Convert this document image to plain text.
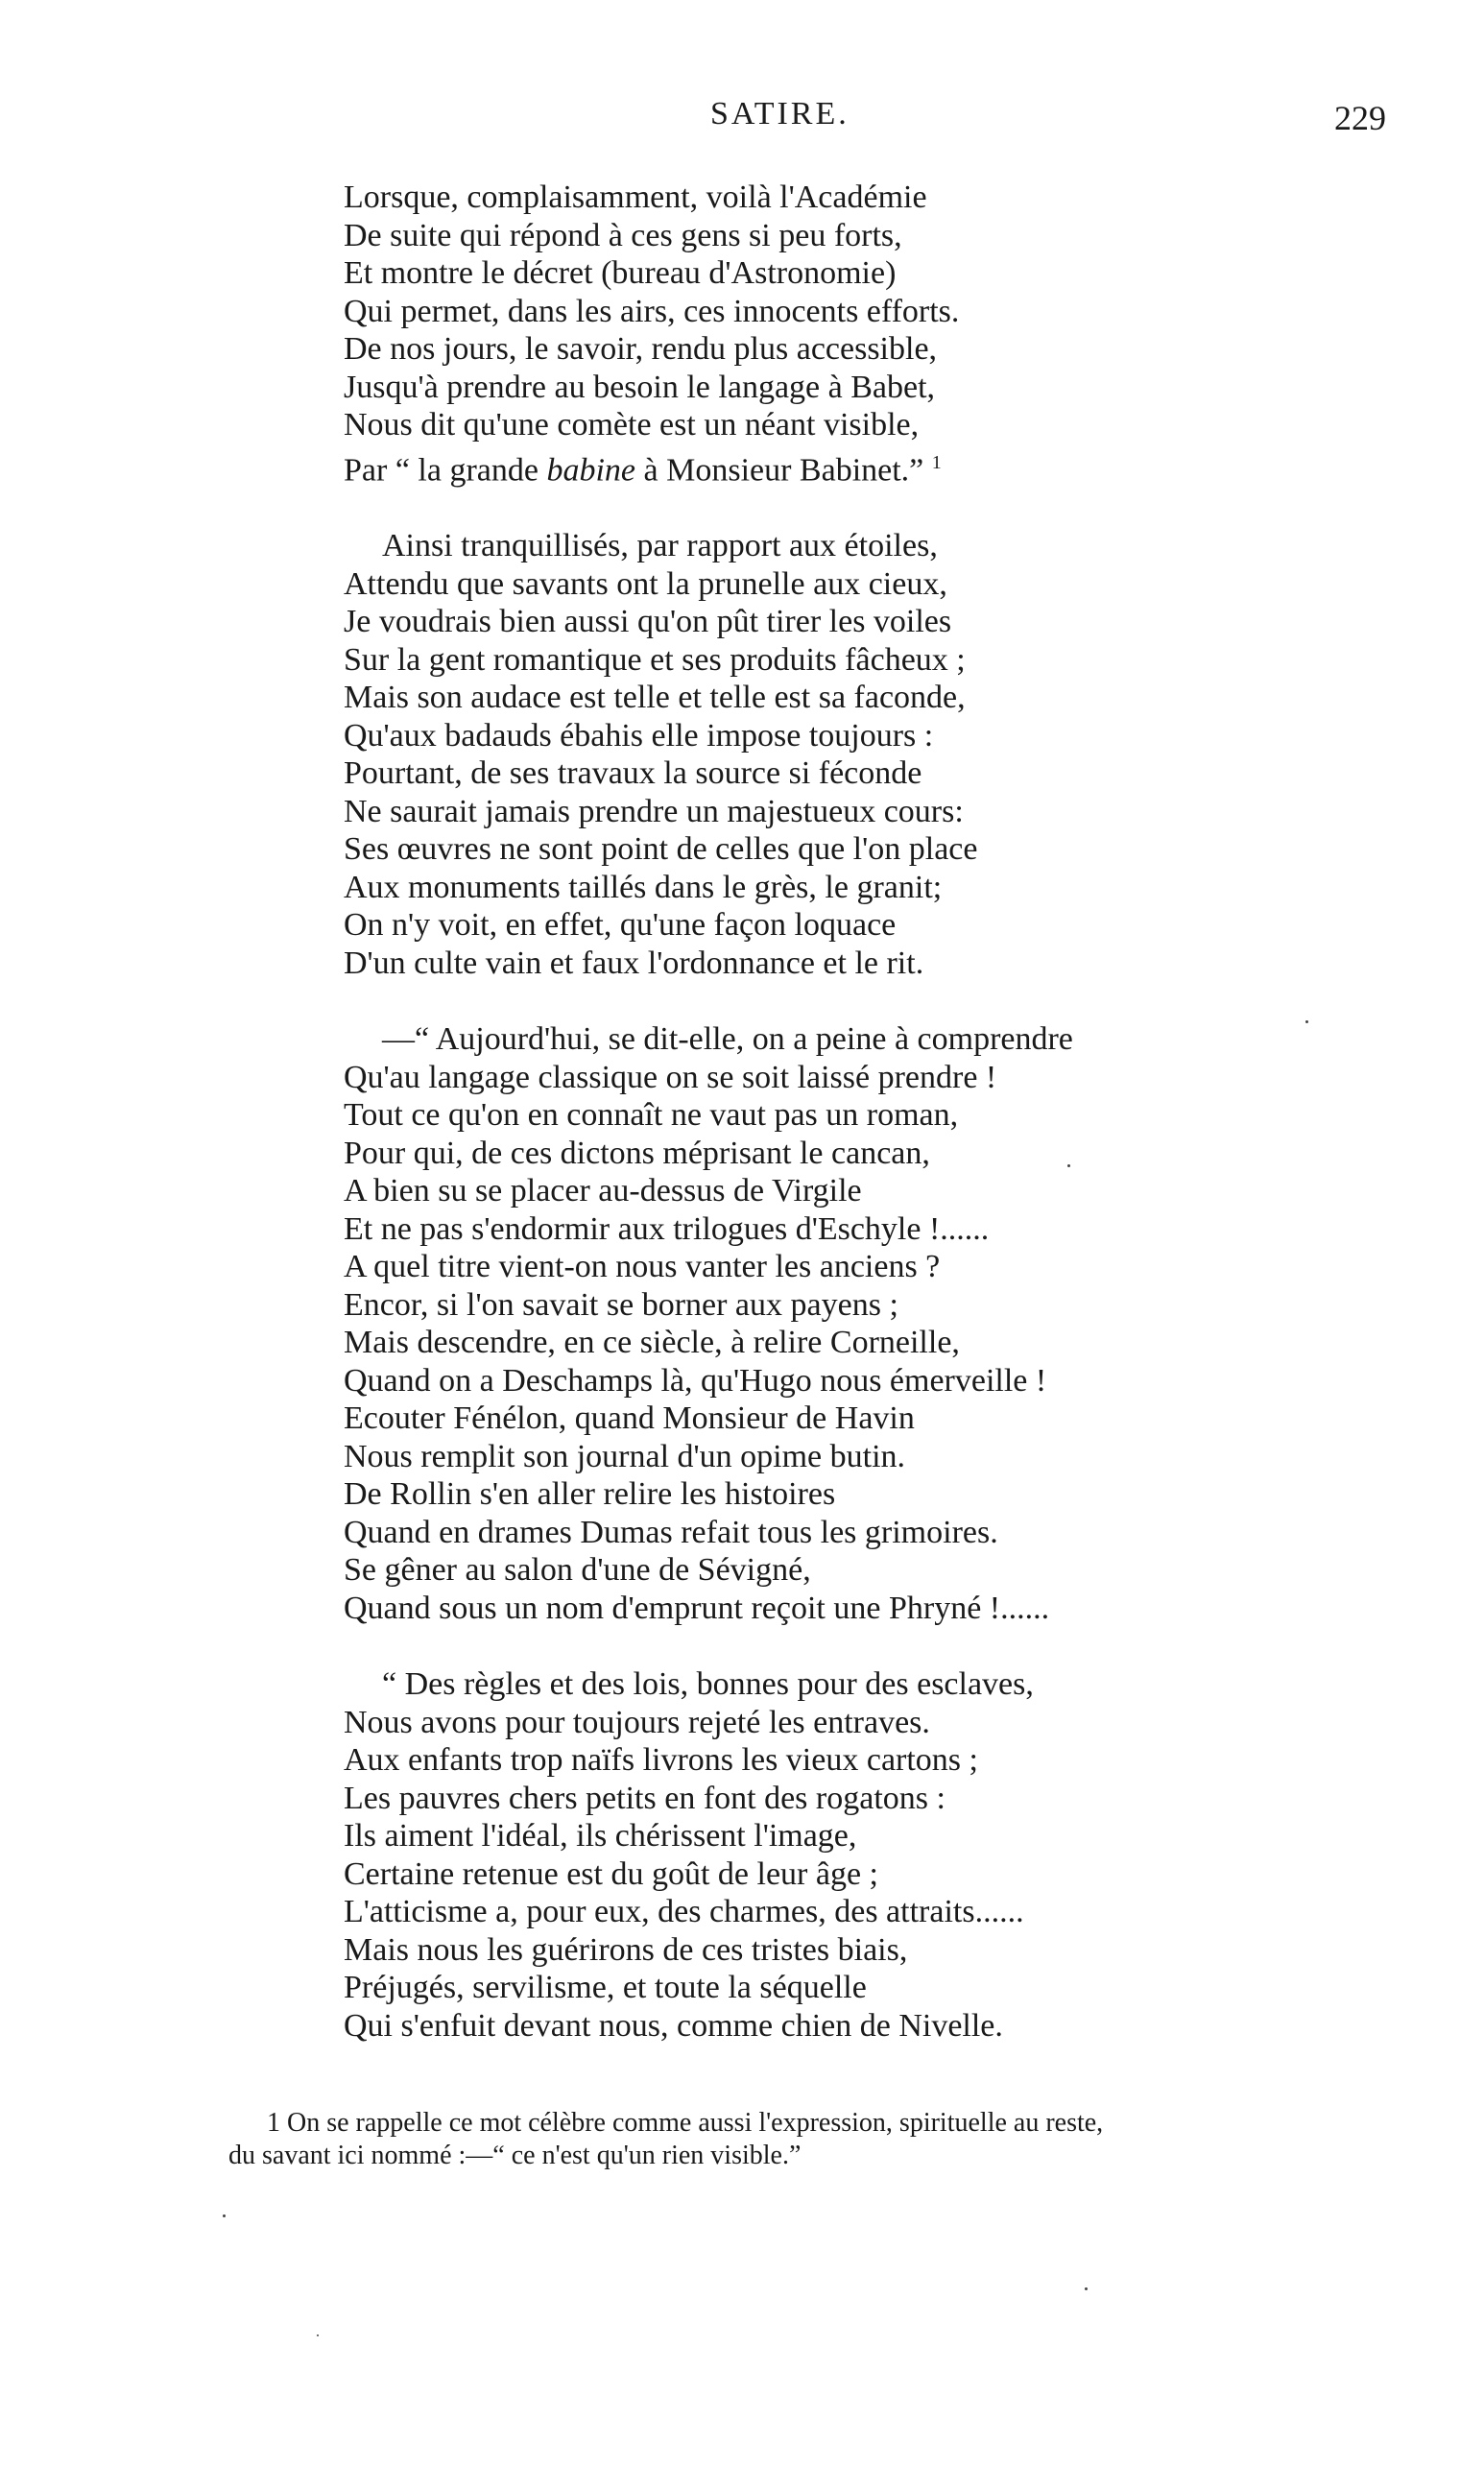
SATIRE.	229
Lorsque, complaisamment, voilà l'Académie
De suite qui répond à ces gens si peu forts,
Et montre le décret (bureau d'Astronomie)
Qui permet, dans les airs, ces innocents efforts.
De nos jours, le savoir, rendu plus accessible,
Jusqu'à prendre au besoin le langage à Babet,
Nous dit qu'une comète est un néant visible,
Par “ la grande babine à Monsieur Babinet.” $^1$
Ainsi tranquillisés, par rapport aux étoiles,
Attendu que savants ont la prunelle aux cieux,
Je voudrais bien aussi qu'on pût tirer les voiles
Sur la gent romantique et ses produits fâcheux ;
Mais son audace est telle et telle est sa faconde,
Qu'aux badauds ébahis elle impose toujours :
Pourtant, de ses travaux la source si féconde
Ne saurait jamais prendre un majestueux cours:
Ses œuvres ne sont point de celles que l'on place
Aux monuments taillés dans le grès, le granit;
On n'y voit, en effet, qu'une façon loquace
D'un culte vain et faux l'ordonnance et le rit.
—“ Aujourd'hui, se dit-elle, on a peine à comprendre
Qu'au langage classique on se soit laissé prendre !
Tout ce qu'on en connaît ne vaut pas un roman,
Pour qui, de ces dictons méprisant le cancan,
A bien su se placer au-dessus de Virgile
Et ne pas s'endormir aux trilogues d'Eschyle !......
A quel titre vient-on nous vanter les anciens ?
Encor, si l'on savait se borner aux payens ;
Mais descendre, en ce siècle, à relire Corneille,
Quand on a Deschamps là, qu'Hugo nous émerveille !
Ecouter Fénélon, quand Monsieur de Havin
Nous remplit son journal d'un opime butin.
De Rollin s'en aller relire les histoires
Quand en drames Dumas refait tous les grimoires.
Se gêner au salon d'une de Sévigné,
Quand sous un nom d'emprunt reçoit une Phryné !......
“ Des règles et des lois, bonnes pour des esclaves,
Nous avons pour toujours rejeté les entraves.
Aux enfants trop naïfs livrons les vieux cartons ;
Les pauvres chers petits en font des rogatons :
Ils aiment l'idéal, ils chérissent l'image,
Certaine retenue est du goût de leur âge ;
L'atticisme a, pour eux, des charmes, des attraits......
Mais nous les guérirons de ces tristes biais,
Préjugés, servilisme, et toute la séquelle
Qui s'enfuit devant nous, comme chien de Nivelle.
1 On se rappelle ce mot célèbre comme aussi l'expression, spirituelle au reste,
du savant ici nommé :—“ ce n'est qu'un rien visible.”
